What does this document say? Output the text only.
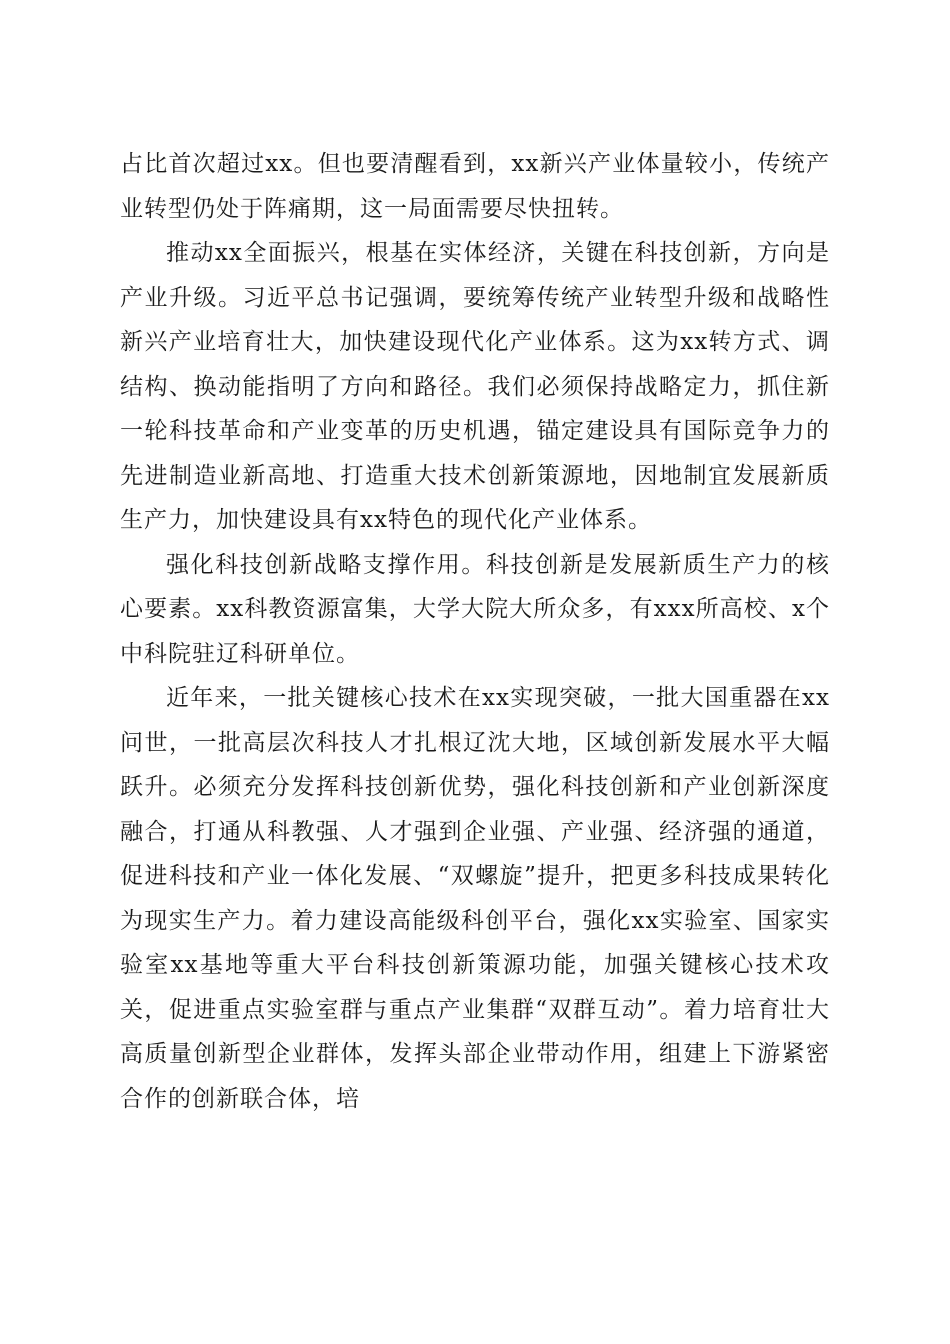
占比首次超过xx。但也要清醒看到，xx新兴产业体量较小，传统产业转型仍处于阵痛期，这一局面需要尽快扭转。

推动xx全面振兴，根基在实体经济，关键在科技创新，方向是产业升级。习近平总书记强调，要统筹传统产业转型升级和战略性新兴产业培育壮大，加快建设现代化产业体系。这为xx转方式、调结构、换动能指明了方向和路径。我们必须保持战略定力，抓住新一轮科技革命和产业变革的历史机遇，锚定建设具有国际竞争力的先进制造业新高地、打造重大技术创新策源地，因地制宜发展新质生产力，加快建设具有xx特色的现代化产业体系。

强化科技创新战略支撑作用。科技创新是发展新质生产力的核心要素。xx科教资源富集，大学大院大所众多，有xxx所高校、x个中科院驻辽科研单位。

近年来，一批关键核心技术在xx实现突破，一批大国重器在xx问世，一批高层次科技人才扎根辽沈大地，区域创新发展水平大幅跃升。必须充分发挥科技创新优势，强化科技创新和产业创新深度融合，打通从科教强、人才强到企业强、产业强、经济强的通道，促进科技和产业一体化发展、“双螺旋”提升，把更多科技成果转化为现实生产力。着力建设高能级科创平台，强化xx实验室、国家实验室xx基地等重大平台科技创新策源功能，加强关键核心技术攻关，促进重点实验室群与重点产业集群“双群互动”。着力培育壮大高质量创新型企业群体，发挥头部企业带动作用，组建上下游紧密合作的创新联合体，培
